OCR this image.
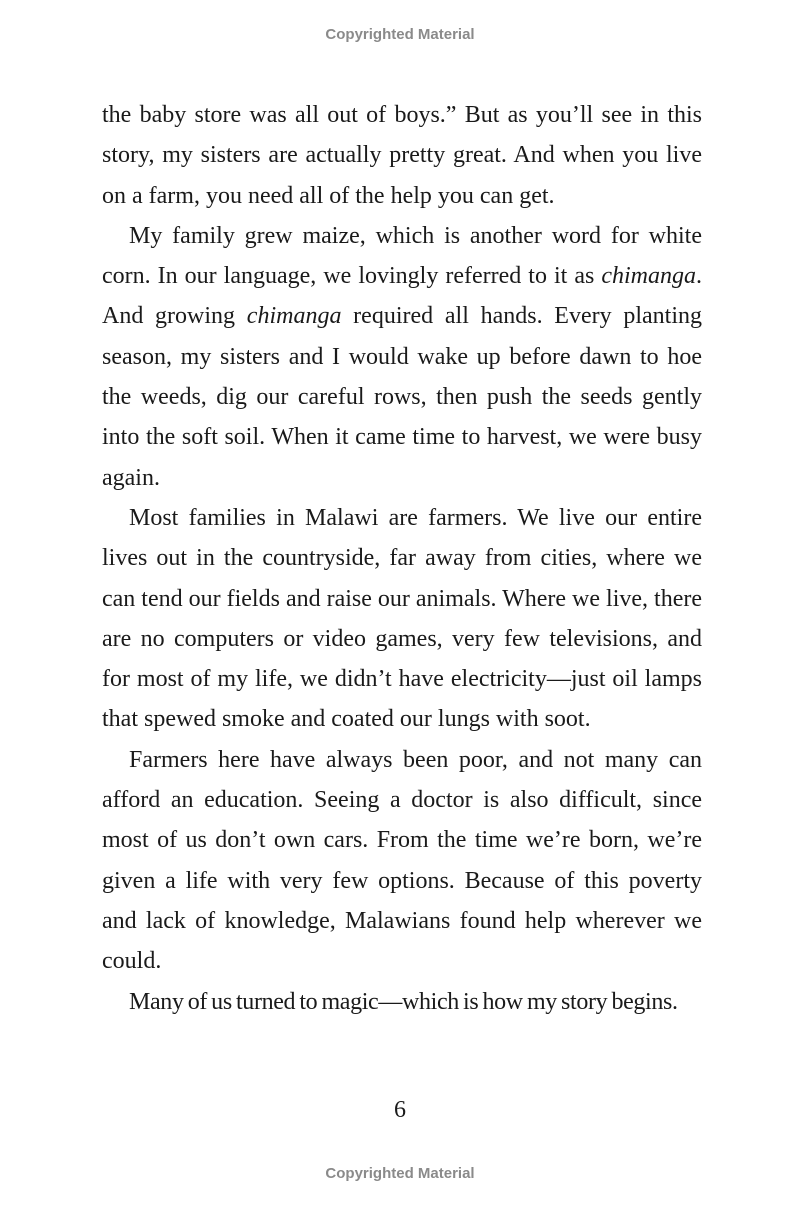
Copyrighted Material

the baby store was all out of boys.” But as you’ll see in this story, my sisters are actually pretty great. And when you live on a farm, you need all of the help you can get.

My family grew maize, which is another word for white corn. In our language, we lovingly referred to it as chimanga. And growing chimanga required all hands. Every planting season, my sisters and I would wake up before dawn to hoe the weeds, dig our careful rows, then push the seeds gently into the soft soil. When it came time to harvest, we were busy again.

Most families in Malawi are farmers. We live our entire lives out in the countryside, far away from cities, where we can tend our fields and raise our animals. Where we live, there are no computers or video games, very few televisions, and for most of my life, we didn’t have electricity—just oil lamps that spewed smoke and coated our lungs with soot.

Farmers here have always been poor, and not many can afford an education. Seeing a doctor is also difficult, since most of us don’t own cars. From the time we’re born, we’re given a life with very few options. Because of this poverty and lack of knowledge, Malawians found help wherever we could.

Many of us turned to magic—which is how my story begins.

6
Copyrighted Material
